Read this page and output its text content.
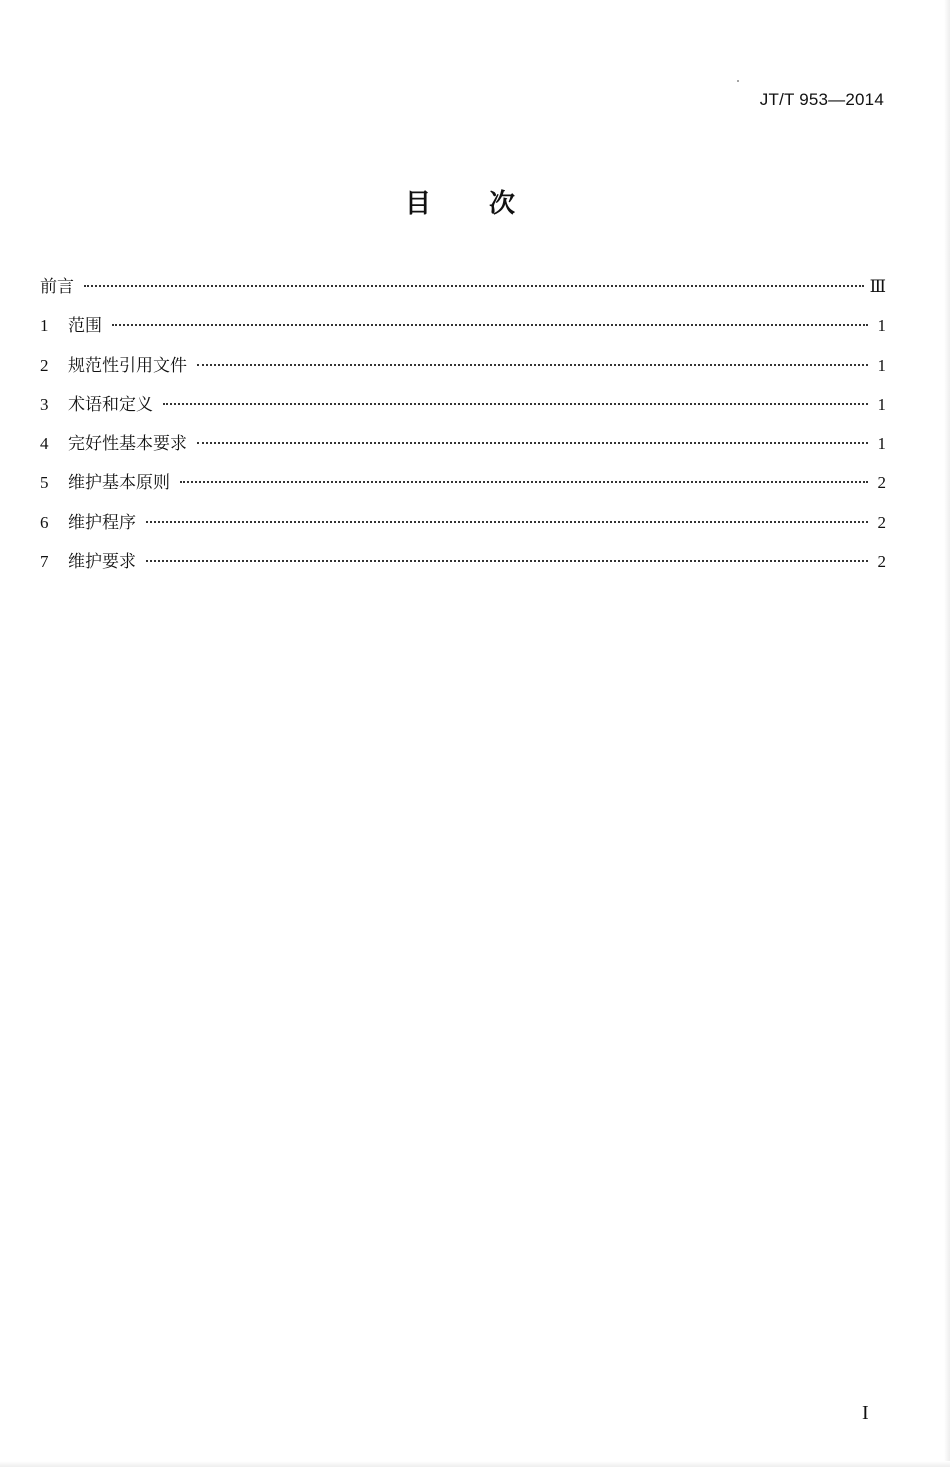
JT/T 953—2014
目 次
前言	Ⅲ
1	范围	1
2	规范性引用文件	1
3	术语和定义	1
4	完好性基本要求	1
5	维护基本原则	2
6	维护程序	2
7	维护要求	2
I
